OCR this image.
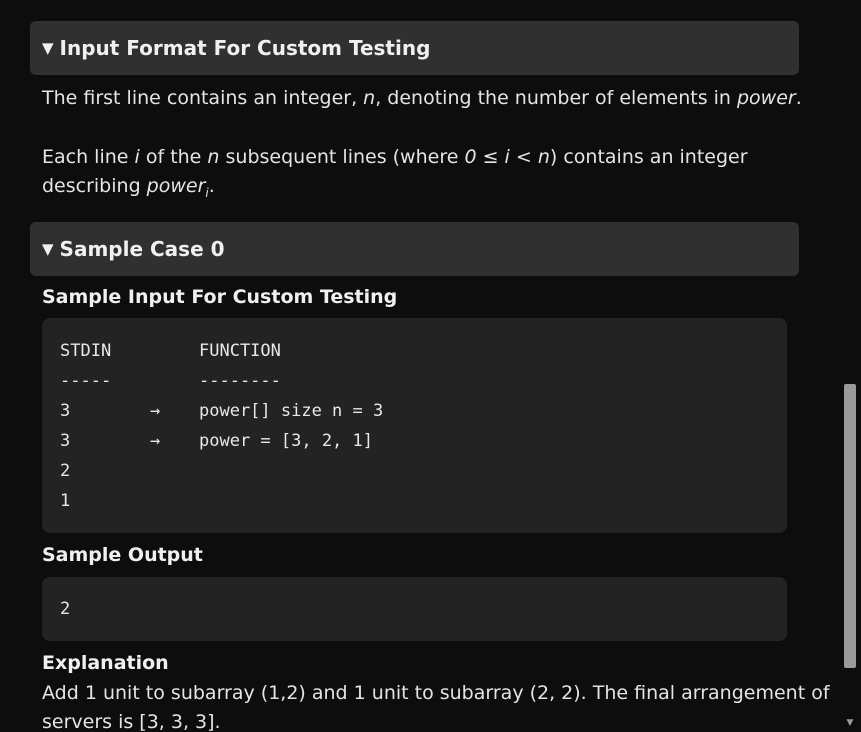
▼ Input Format For Custom Testing
The first line contains an integer, n, denoting the number of elements in power.
Each line i of the n subsequent lines (where 0 ≤ i < n) contains an integer
describing power$_i$.
▼ Sample Case 0
Sample Input For Custom Testing
STDIN	FUNCTION
-----	--------
3	→ power[] size n = 3
3	→ power = [3, 2, 1]
2
1
Sample Output
2
Explanation
Add 1 unit to subarray (1,2) and 1 unit to subarray (2, 2). The final arrangement of
servers is [3, 3, 3].	▼
